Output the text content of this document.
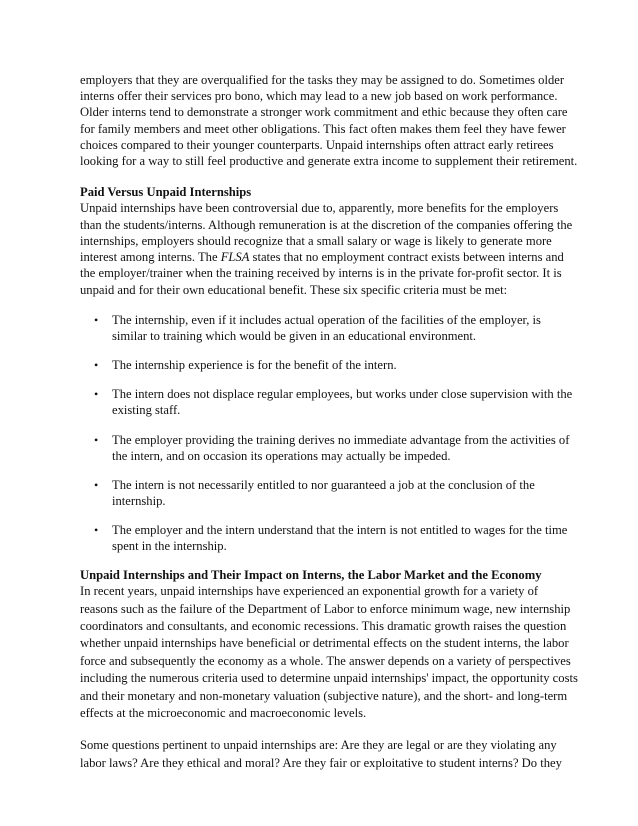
employers that they are overqualified for the tasks they may be assigned to do. Sometimes older interns offer their services pro bono, which may lead to a new job based on work performance. Older interns tend to demonstrate a stronger work commitment and ethic because they often care for family members and meet other obligations. This fact often makes them feel they have fewer choices compared to their younger counterparts. Unpaid internships often attract early retirees looking for a way to still feel productive and generate extra income to supplement their retirement.

Paid Versus Unpaid Internships

Unpaid internships have been controversial due to, apparently, more benefits for the employers than the students/interns. Although remuneration is at the discretion of the companies offering the internships, employers should recognize that a small salary or wage is likely to generate more interest among interns. The FLSA states that no employment contract exists between interns and the employer/trainer when the training received by interns is in the private for-profit sector. It is unpaid and for their own educational benefit. These six specific criteria must be met:

• The internship, even if it includes actual operation of the facilities of the employer, is similar to training which would be given in an educational environment.
• The internship experience is for the benefit of the intern.
• The intern does not displace regular employees, but works under close supervision with the existing staff.
• The employer providing the training derives no immediate advantage from the activities of the intern, and on occasion its operations may actually be impeded.
• The intern is not necessarily entitled to nor guaranteed a job at the conclusion of the internship.
• The employer and the intern understand that the intern is not entitled to wages for the time spent in the internship.
Unpaid Internships and Their Impact on Interns, the Labor Market and the Economy

In recent years, unpaid internships have experienced an exponential growth for a variety of reasons such as the failure of the Department of Labor to enforce minimum wage, new internship coordinators and consultants, and economic recessions. This dramatic growth raises the question whether unpaid internships have beneficial or detrimental effects on the student interns, the labor force and subsequently the economy as a whole. The answer depends on a variety of perspectives including the numerous criteria used to determine unpaid internships' impact, the opportunity costs and their monetary and non-monetary valuation (subjective nature), and the short- and long-term effects at the microeconomic and macroeconomic levels.

Some questions pertinent to unpaid internships are: Are they are legal or are they violating any labor laws? Are they ethical and moral? Are they fair or exploitative to student interns? Do they
